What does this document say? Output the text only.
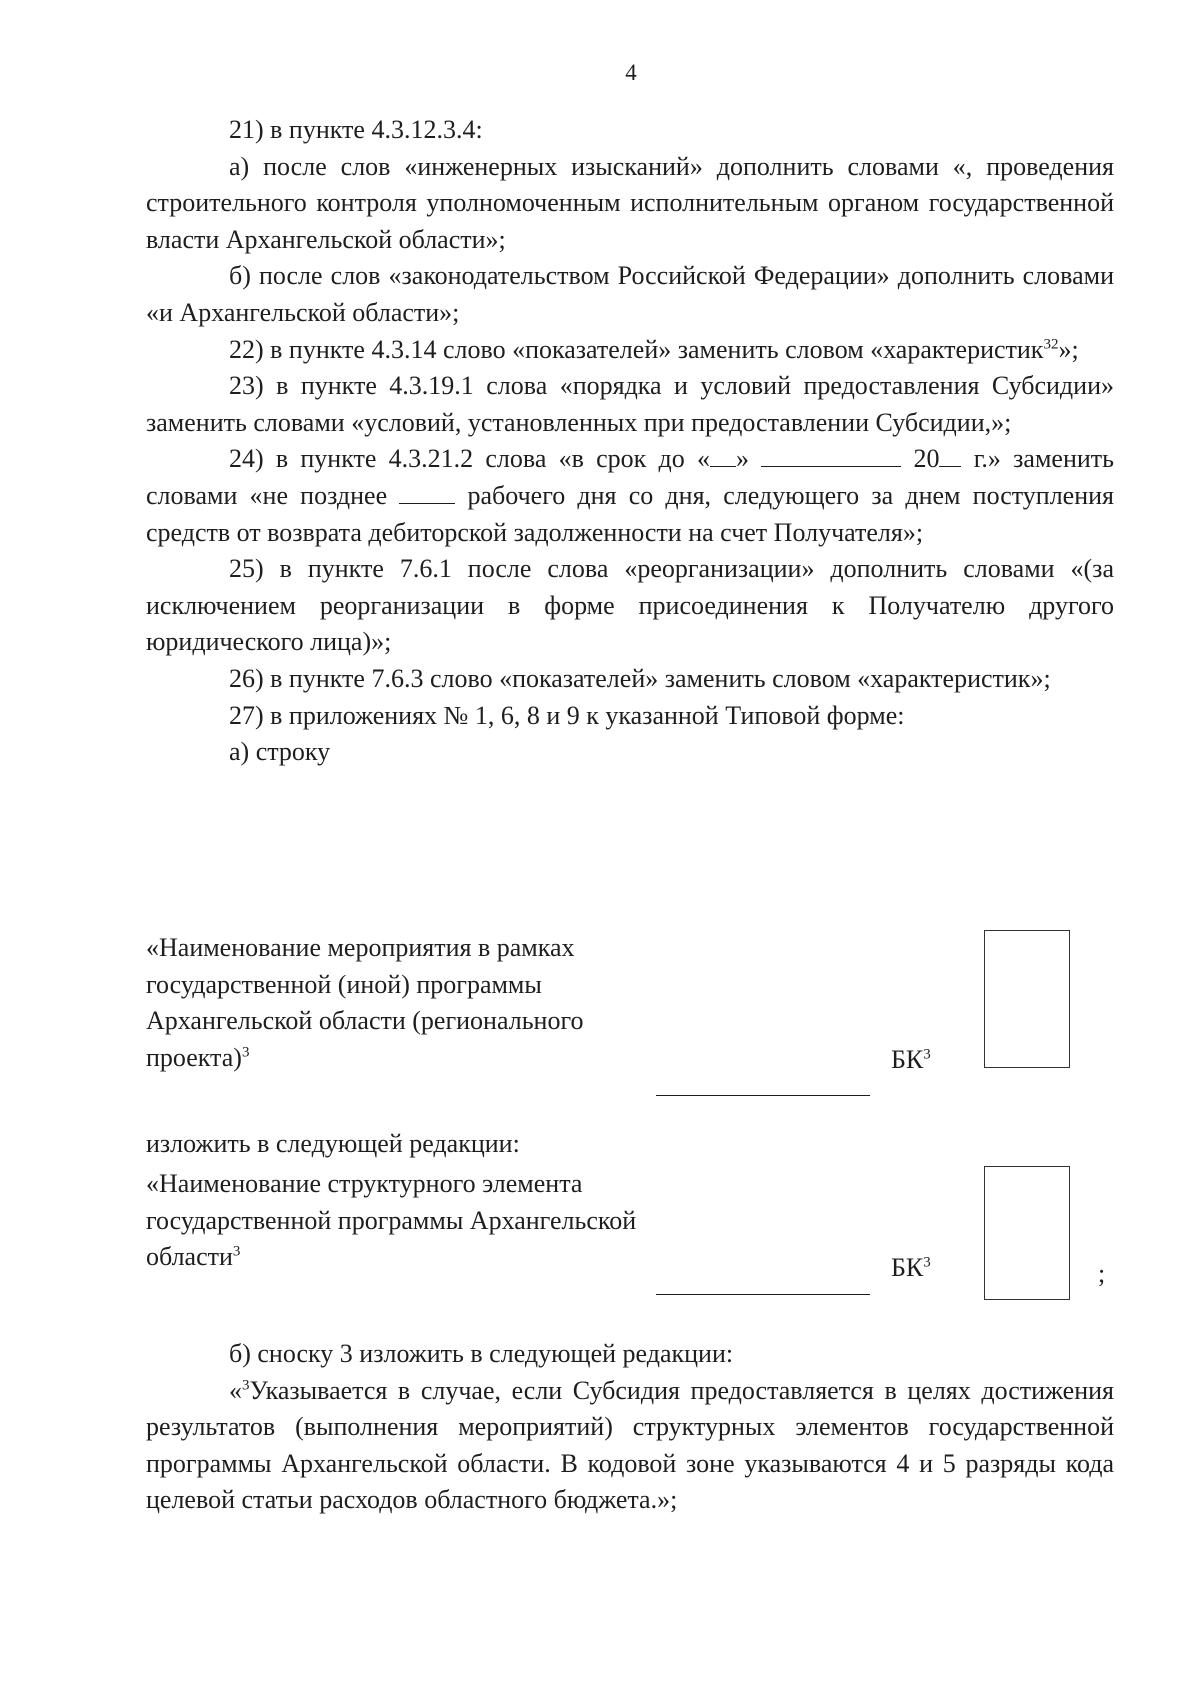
4

21) в пункте 4.3.12.3.4:

а) после слов «инженерных изысканий» дополнить словами «, проведения строительного контроля уполномоченным исполнительным органом государственной власти Архангельской области»;

б) после слов «законодательством Российской Федерации» дополнить словами «и Архангельской области»;

22) в пункте 4.3.14 слово «показателей» заменить словом «характеристик$^{32}$»;

23) в пункте 4.3.19.1 слова «порядка и условий предоставления Субсидии» заменить словами «условий, установленных при предоставлении Субсидии,»;

24) в пункте 4.3.21.2 слова «в срок до « »	20 г.» заменить словами «не позднее	рабочего дня со дня, следующего за днем поступления средств от возврата дебиторской задолженности на счет Получателя»;

25) в пункте 7.6.1 после слова «реорганизации» дополнить словами «(за исключением реорганизации в форме присоединения к Получателю другого юридического лица)»;

26) в пункте 7.6.3 слово «показателей» заменить словом «характеристик»;

27) в приложениях № 1, 6, 8 и 9 к указанной Типовой форме:

а) строку

«Наименование мероприятия в рамках государственной (иной) программы Архангельской области (регионального проекта)$^3$	$БК^3$
изложить в следующей редакции:
«Наименование структурного элемента государственной программы Архангельской области$^3$
$БК^3$	;

б) сноску 3 изложить в следующей редакции:

«$^3$Указывается в случае, если Субсидия предоставляется в целях достижения результатов (выполнения мероприятий) структурных элементов государственной программы Архангельской области. В кодовой зоне указываются 4 и 5 разряды кода целевой статьи расходов областного бюджета.»;
